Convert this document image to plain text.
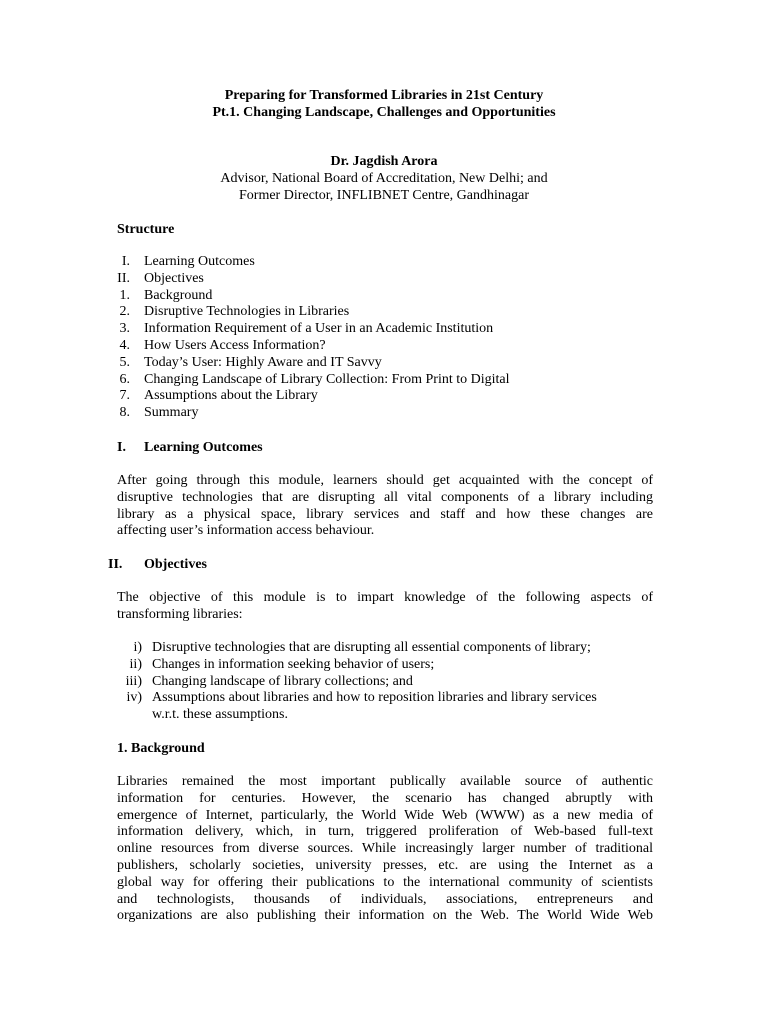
Preparing for Transformed Libraries in 21st Century
Pt.1. Changing Landscape, Challenges and Opportunities
Dr. Jagdish Arora
Advisor, National Board of Accreditation, New Delhi; and
Former Director, INFLIBNET Centre, Gandhinagar
Structure
I. Learning Outcomes
II. Objectives
1. Background
2. Disruptive Technologies in Libraries
3. Information Requirement of a User in an Academic Institution
4. How Users Access Information?
5. Today’s User: Highly Aware and IT Savvy
6. Changing Landscape of Library Collection: From Print to Digital
7. Assumptions about the Library
8. Summary
I. Learning Outcomes
After going through this module, learners should get acquainted with the concept of
disruptive technologies that are disrupting all vital components of a library including
library as a physical space, library services and staff and how these changes are
affecting user’s information access behaviour.
II. Objectives
The objective of this module is to impart knowledge of the following aspects of
transforming libraries:
i) Disruptive technologies that are disrupting all essential components of library;
ii) Changes in information seeking behavior of users;
iii) Changing landscape of library collections; and
iv) Assumptions about libraries and how to reposition libraries and library services
w.r.t. these assumptions.
1. Background
Libraries remained the most important publically available source of authentic
information for centuries. However, the scenario has changed abruptly with
emergence of Internet, particularly, the World Wide Web (WWW) as a new media of
information delivery, which, in turn, triggered proliferation of Web-based full-text
online resources from diverse sources. While increasingly larger number of traditional
publishers, scholarly societies, university presses, etc. are using the Internet as a
global way for offering their publications to the international community of scientists
and technologists, thousands of individuals, associations, entrepreneurs and
organizations are also publishing their information on the Web. The World Wide Web
